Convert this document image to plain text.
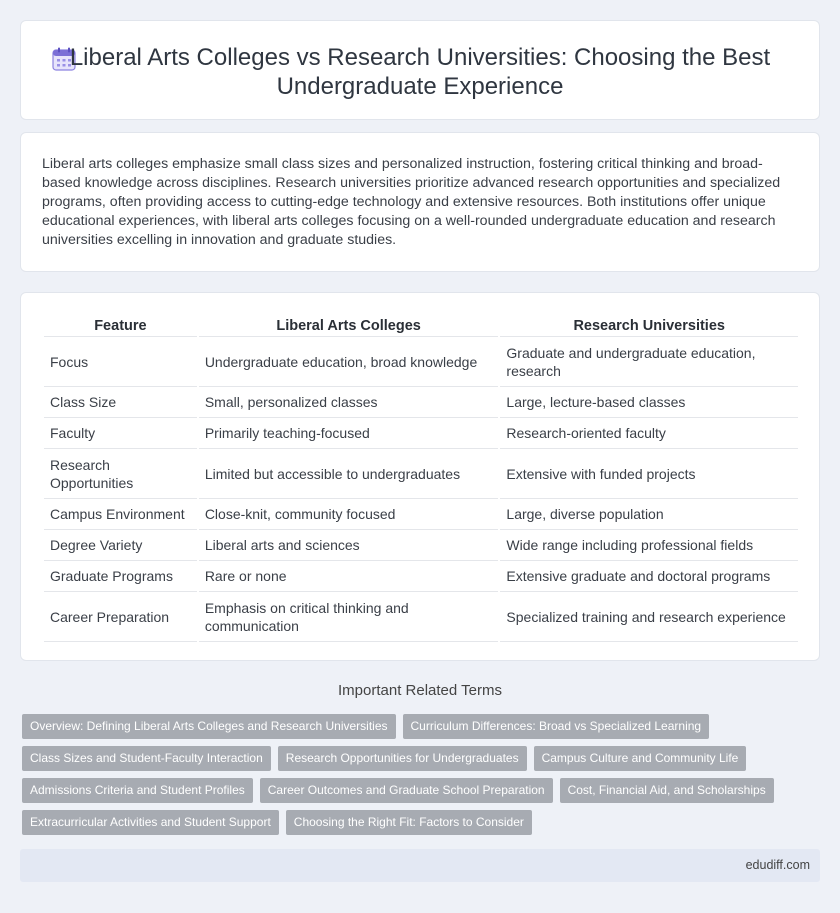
Liberal Arts Colleges vs Research Universities: Choosing the Best Undergraduate Experience

Liberal arts colleges emphasize small class sizes and personalized instruction, fostering critical thinking and broad-based knowledge across disciplines. Research universities prioritize advanced research opportunities and specialized programs, often providing access to cutting-edge technology and extensive resources. Both institutions offer unique educational experiences, with liberal arts colleges focusing on a well-rounded undergraduate education and research universities excelling in innovation and graduate studies.

Feature	Liberal Arts Colleges	Research Universities
Focus	Undergraduate education, broad knowledge	Graduate and undergraduate education, research
Class Size	Small, personalized classes	Large, lecture-based classes
Faculty	Primarily teaching-focused	Research-oriented faculty
Research Opportunities	Limited but accessible to undergraduates	Extensive with funded projects
Campus Environment	Close-knit, community focused	Large, diverse population
Degree Variety	Liberal arts and sciences	Wide range including professional fields
Graduate Programs	Rare or none	Extensive graduate and doctoral programs
Career Preparation	Emphasis on critical thinking and communication	Specialized training and research experience
Important Related Terms
Overview: Defining Liberal Arts Colleges and Research Universities	Curriculum Differences: Broad vs Specialized Learning
Class Sizes and Student-Faculty Interaction	Research Opportunities for Undergraduates	Campus Culture and Community Life
Admissions Criteria and Student Profiles	Career Outcomes and Graduate School Preparation	Cost, Financial Aid, and Scholarships
Extracurricular Activities and Student Support	Choosing the Right Fit: Factors to Consider
edudiff.com
